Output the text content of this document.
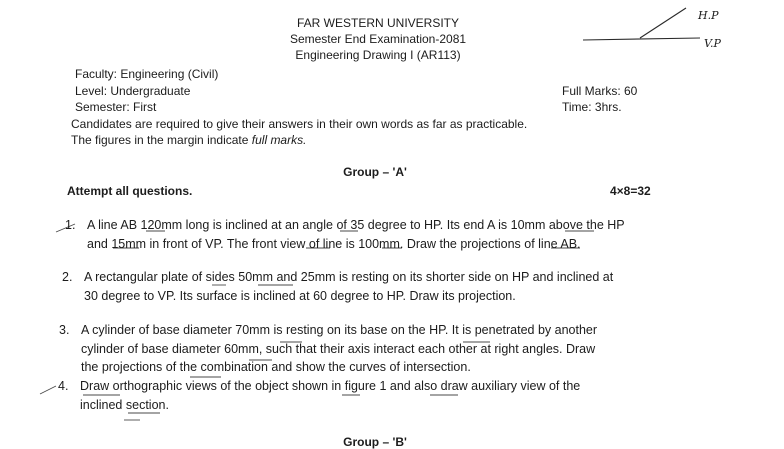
FAR WESTERN UNIVERSITY
Semester End Examination-2081
Engineering Drawing I (AR113)
H.P
V.P
Faculty: Engineering (Civil)
Level: Undergraduate
Semester: First
Full Marks: 60
Time: 3hrs.
Candidates are required to give their answers in their own words as far as practicable.
The figures in the margin indicate full marks.
Group – 'A'
Attempt all questions.	4×8=32
1. A line AB 120mm long is inclined at an angle of 35 degree to HP. Its end A is 10mm above the HP
and 15mm in front of VP. The front view of line is 100mm. Draw the projections of line AB.
2. A rectangular plate of sides 50mm and 25mm is resting on its shorter side on HP and inclined at
30 degree to VP. Its surface is inclined at 60 degree to HP. Draw its projection.
3. A cylinder of base diameter 70mm is resting on its base on the HP. It is penetrated by another
cylinder of base diameter 60mm, such that their axis interact each other at right angles. Draw
the projections of the combination and show the curves of intersection.
4. Draw orthographic views of the object shown in figure 1 and also draw auxiliary view of the
inclined section.
Group – 'B'
